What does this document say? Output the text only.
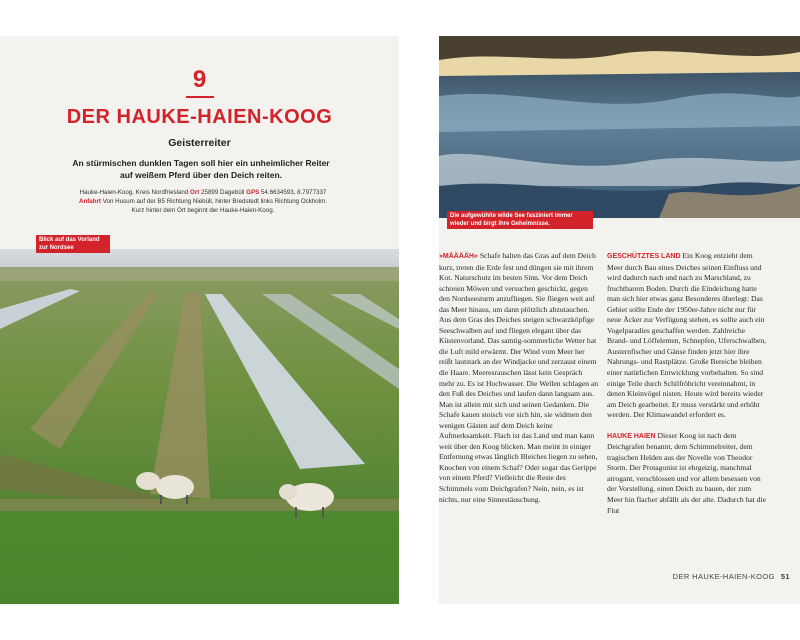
9
DER HAUKE-HAIEN-KOOG
Geisterreiter
An stürmischen dunklen Tagen soll hier ein unheimlicher Reiter auf weißem Pferd über den Deich reiten.
Hauke-Haien-Koog, Kreis Nordfriesland Ort 25899 Dagebüll GPS 54.6634593, 8.7977337 Anfahrt Von Husum auf der B5 Richtung Niebüll, hinter Bredstedt links Richtung Ockholm. Kurz hinter dem Ort beginnt der Hauke-Haien-Koog.
Blick auf das Vorland zur Nordsee
Die aufgewühlte wilde See fasziniert immer wieder und birgt ihre Geheimnisse.

»MÄÄÄÄH« Schafe halten das Gras auf dem Deich kurz, treten die Erde fest und düngen sie mit ihrem Kot. Naturschutz im besten Sinn. Vor dem Deich schreien Möwen und versuchen geschickt, gegen den Nordseesturm anzufliegen. Sie fliegen weit auf das Meer hinaus, um dann plötzlich abzutauchen. Aus dem Gras des Deiches steigen schwarzköpfige Seeschwalben auf und fliegen elegant über das Küstenvorland. Das samtig-sommerliche Wetter hat die Luft mild erwärmt. Der Wind vom Meer her reißt lautstark an der Windjacke und zerzaust einem die Haare. Meeresrauschen lässt kein Gespräch mehr zu. Es ist Hochwasser. Die Wellen schlagen an den Fuß des Deiches und laufen dann langsam aus. Man ist allein mit sich und seinen Gedanken. Die Schafe kauen stoisch vor sich hin, sie widmen den wenigen Gästen auf dem Deich keine Aufmerksamkeit. Flach ist das Land und man kann weit über den Koog blicken. Man meint in einiger Entfernung etwas länglich Bleiches liegen zu sehen, Knochen von einem Schaf? Oder sogar das Gerippe von einem Pferd? Vielleicht die Reste des Schimmels vom Deichgrafen? Nein, nein, es ist nichts, nur eine Sinnestäuschung.

GESCHÜTZTES LAND Ein Koog entzieht dem Meer durch Bau eines Deiches seinen Einfluss und wird dadurch nach und nach zu Marschland, zu fruchtbarem Boden. Durch die Eindeichung hatte man sich hier etwas ganz Besonderes überlegt: Das Gebiet sollte Ende der 1950er-Jahre nicht nur für neue Äcker zur Verfügung stehen, es sollte auch ein Vogelparadies geschaffen werden. Zahlreiche Brand- und Löffelenten, Schnepfen, Uferschwalben, Austernfischer und Gänse finden jetzt hier ihre Nahrungs- und Rastplätze. Große Bereiche bleiben einer natürlichen Entwicklung vorbehalten. So sind einige Teile durch Schilfröhricht vereinnahmt, in denen Kleinvögel nisten. Heute wird bereits wieder am Deich gearbeitet. Er muss verstärkt und erhöht werden. Der Klimawandel erfordert es.

HAUKE HAIEN Dieser Koog ist nach dem Deichgrafen benannt, dem Schimmelreiter, dem tragischen Helden aus der Novelle von Theodor Storm. Der Protagonist ist ehrgeizig, manchmal arrogant, verschlossen und vor allem besessen von der Vorstellung, einen Deich zu bauen, der zum Meer hin flacher abfällt als der alte. Dadurch hat die Flut

DER HAUKE-HAIEN-KOOG 51
